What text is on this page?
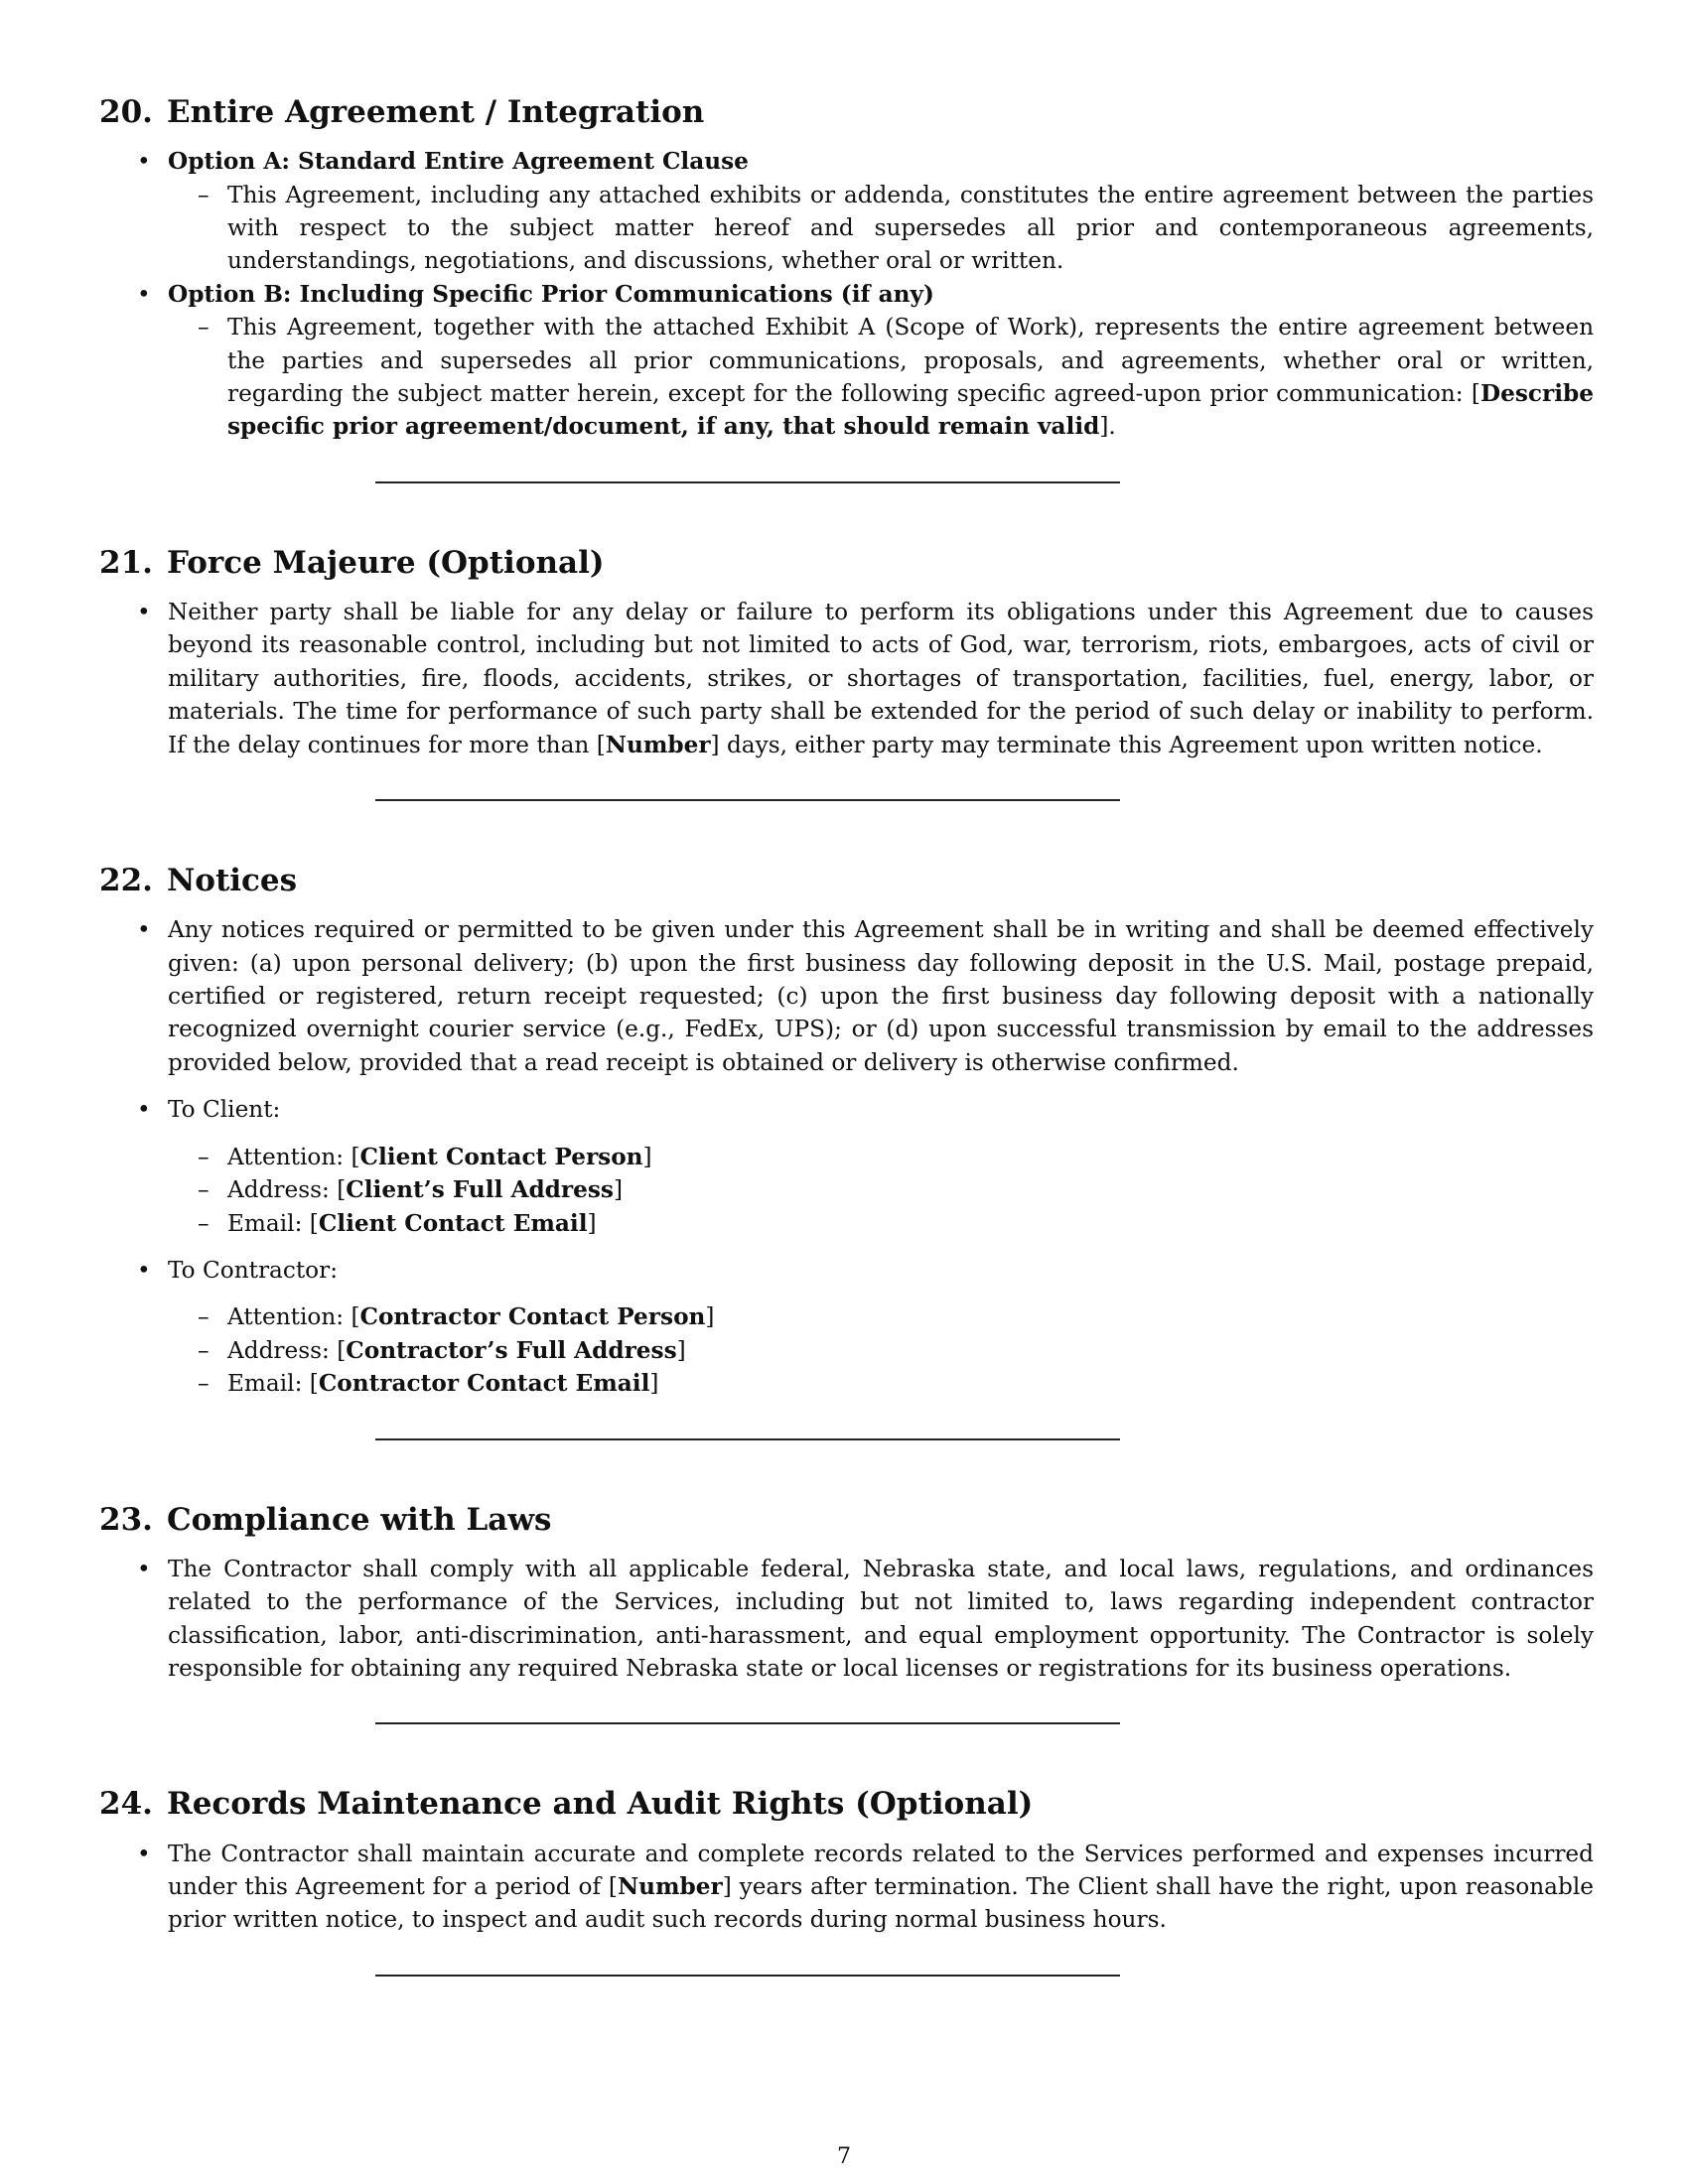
20. Entire Agreement / Integration
• Option A: Standard Entire Agreement Clause
– This Agreement, including any attached exhibits or addenda, constitutes the entire agreement between the parties with respect to the subject matter hereof and supersedes all prior and contemporaneous agreements, understandings, negotiations, and discussions, whether oral or written.
• Option B: Including Specific Prior Communications (if any)
– This Agreement, together with the attached Exhibit A (Scope of Work), represents the entire agreement between the parties and supersedes all prior communications, proposals, and agreements, whether oral or written, regarding the subject matter herein, except for the following specific agreed-upon prior communication: [Describe specific prior agreement/document, if any, that should remain valid].
21. Force Majeure (Optional)
• Neither party shall be liable for any delay or failure to perform its obligations under this Agreement due to causes beyond its reasonable control, including but not limited to acts of God, war, terrorism, riots, embargoes, acts of civil or military authorities, fire, floods, accidents, strikes, or shortages of transportation, facilities, fuel, energy, labor, or materials. The time for performance of such party shall be extended for the period of such delay or inability to perform. If the delay continues for more than [Number] days, either party may terminate this Agreement upon written notice.
22. Notices
• Any notices required or permitted to be given under this Agreement shall be in writing and shall be deemed effectively given: (a) upon personal delivery; (b) upon the first business day following deposit in the U.S. Mail, postage prepaid, certified or registered, return receipt requested; (c) upon the first business day following deposit with a nationally recognized overnight courier service (e.g., FedEx, UPS); or (d) upon successful transmission by email to the addresses provided below, provided that a read receipt is obtained or delivery is otherwise confirmed.
• To Client:
– Attention: [Client Contact Person]
– Address: [Client’s Full Address]
– Email: [Client Contact Email]
• To Contractor:
– Attention: [Contractor Contact Person]
– Address: [Contractor’s Full Address]
– Email: [Contractor Contact Email]
23. Compliance with Laws
• The Contractor shall comply with all applicable federal, Nebraska state, and local laws, regulations, and ordinances related to the performance of the Services, including but not limited to, laws regarding independent contractor classification, labor, anti-discrimination, anti-harassment, and equal employment opportunity. The Contractor is solely responsible for obtaining any required Nebraska state or local licenses or registrations for its business operations.
24. Records Maintenance and Audit Rights (Optional)
• The Contractor shall maintain accurate and complete records related to the Services performed and expenses incurred under this Agreement for a period of [Number] years after termination. The Client shall have the right, upon reasonable prior written notice, to inspect and audit such records during normal business hours.
7
